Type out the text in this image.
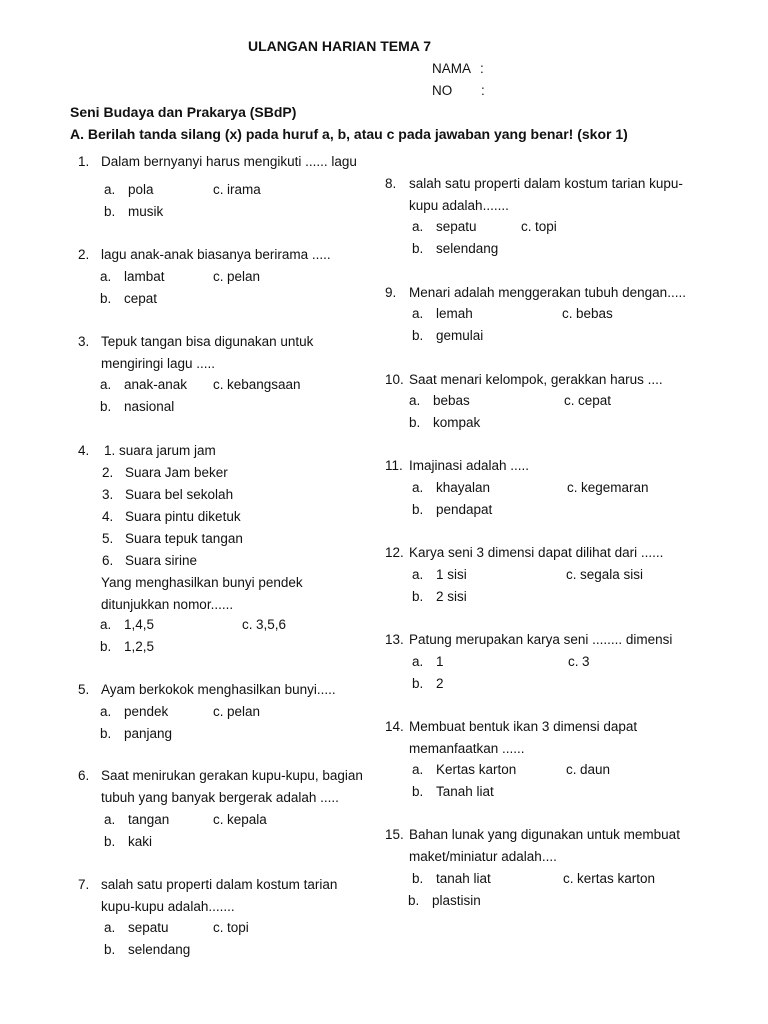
ULANGAN HARIAN TEMA 7
NAMA :
NO :
Seni Budaya dan Prakarya (SBdP)
A. Berilah tanda silang (x) pada huruf a, b, atau c pada jawaban yang benar! (skor 1)
1. Dalam bernyanyi harus mengikuti ...... lagu
a. pola	c. irama
b. musik
2. lagu anak-anak biasanya berirama .....
a. lambat	c. pelan
b. cepat
3. Tepuk tangan bisa digunakan untuk
mengiringi lagu .....
a. anak-anak c. kebangsaan
b. nasional
4. 1. suara jarum jam
2. Suara Jam beker
3. Suara bel sekolah
4. Suara pintu diketuk
5. Suara tepuk tangan
6. Suara sirine
Yang menghasilkan bunyi pendek
ditunjukkan nomor......
a. 1,4,5	c. 3,5,6
b. 1,2,5
5. Ayam berkokok menghasilkan bunyi.....
a. pendek	c. pelan
b. panjang
6. Saat menirukan gerakan kupu-kupu, bagian
tubuh yang banyak bergerak adalah .....
a. tangan	c. kepala
b. kaki
7. salah satu properti dalam kostum tarian
kupu-kupu adalah.......
a. sepatu	c. topi
b. selendang
8. salah satu properti dalam kostum tarian kupu-
kupu adalah.......
a. sepatu	c. topi
b. selendang
9. Menari adalah menggerakan tubuh dengan.....
a. lemah	c. bebas
b. gemulai
10. Saat menari kelompok, gerakkan harus ....
a. bebas	c. cepat
b. kompak
11. Imajinasi adalah .....
a. khayalan	c. kegemaran
b. pendapat
12. Karya seni 3 dimensi dapat dilihat dari ......
a. 1 sisi	c. segala sisi
b. 2 sisi
13. Patung merupakan karya seni ........ dimensi
a. 1	c. 3
b. 2
14. Membuat bentuk ikan 3 dimensi dapat
memanfaatkan ......
a. Kertas karton	c. daun
b. Tanah liat
15. Bahan lunak yang digunakan untuk membuat
maket/miniatur adalah....
b. tanah liat	c. kertas karton
b. plastisin
